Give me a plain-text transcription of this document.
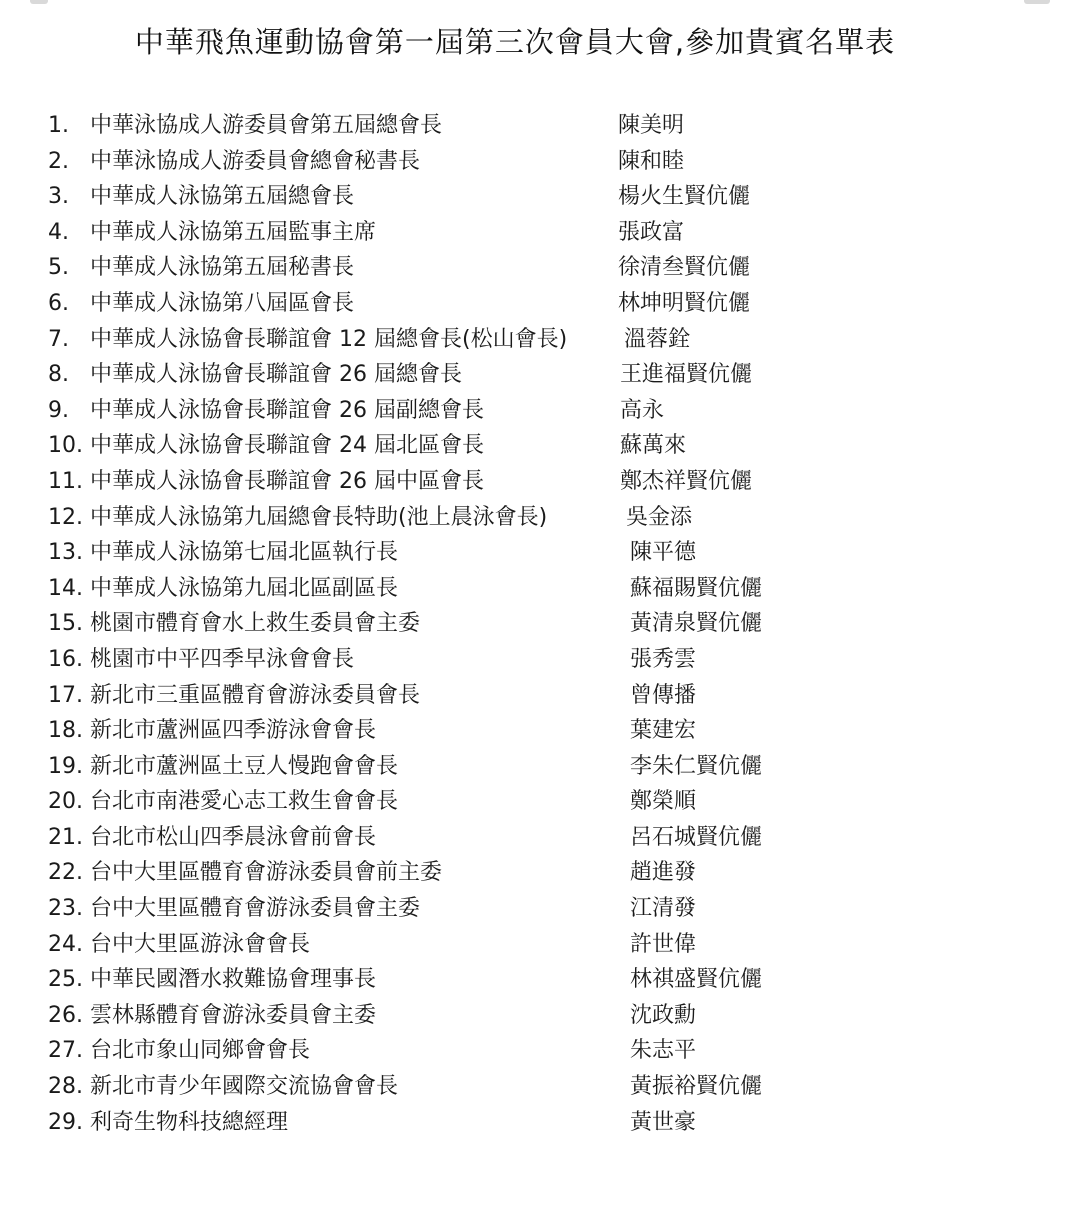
中華飛魚運動協會第一屆第三次會員大會,參加貴賓名單表
1. 中華泳協成人游委員會第五屆總會長	陳美明
2. 中華泳協成人游委員會總會秘書長	陳和睦
3. 中華成人泳協第五屆總會長	楊火生賢伉儷
4. 中華成人泳協第五屆監事主席	張政富
5. 中華成人泳協第五屆秘書長	徐清叁賢伉儷
6. 中華成人泳協第八屆區會長	林坤明賢伉儷
7. 中華成人泳協會長聯誼會 12 屆總會長(松山會長)	溫蓉銓
8. 中華成人泳協會長聯誼會 26 屆總會長	王進福賢伉儷
9. 中華成人泳協會長聯誼會 26 屆副總會長	高永
10. 中華成人泳協會長聯誼會 24 屆北區會長	蘇萬來
11. 中華成人泳協會長聯誼會 26 屆中區會長	鄭杰祥賢伉儷
12. 中華成人泳協第九屆總會長特助(池上晨泳會長)	吳金添
13. 中華成人泳協第七屆北區執行長	陳平德
14. 中華成人泳協第九屆北區副區長	蘇福賜賢伉儷
15. 桃園市體育會水上救生委員會主委	黃清泉賢伉儷
16. 桃園市中平四季早泳會會長	張秀雲
17. 新北市三重區體育會游泳委員會長	曾傳播
18. 新北市蘆洲區四季游泳會會長	葉建宏
19. 新北市蘆洲區土豆人慢跑會會長	李朱仁賢伉儷
20. 台北市南港愛心志工救生會會長	鄭榮順
21. 台北市松山四季晨泳會前會長	呂石城賢伉儷
22. 台中大里區體育會游泳委員會前主委	趙進發
23. 台中大里區體育會游泳委員會主委	江清發
24. 台中大里區游泳會會長	許世偉
25. 中華民國潛水救難協會理事長	林祺盛賢伉儷
26. 雲林縣體育會游泳委員會主委	沈政勳
27. 台北市象山同鄉會會長	朱志平
28. 新北市青少年國際交流協會會長	黃振裕賢伉儷
29. 利奇生物科技總經理	黃世豪
